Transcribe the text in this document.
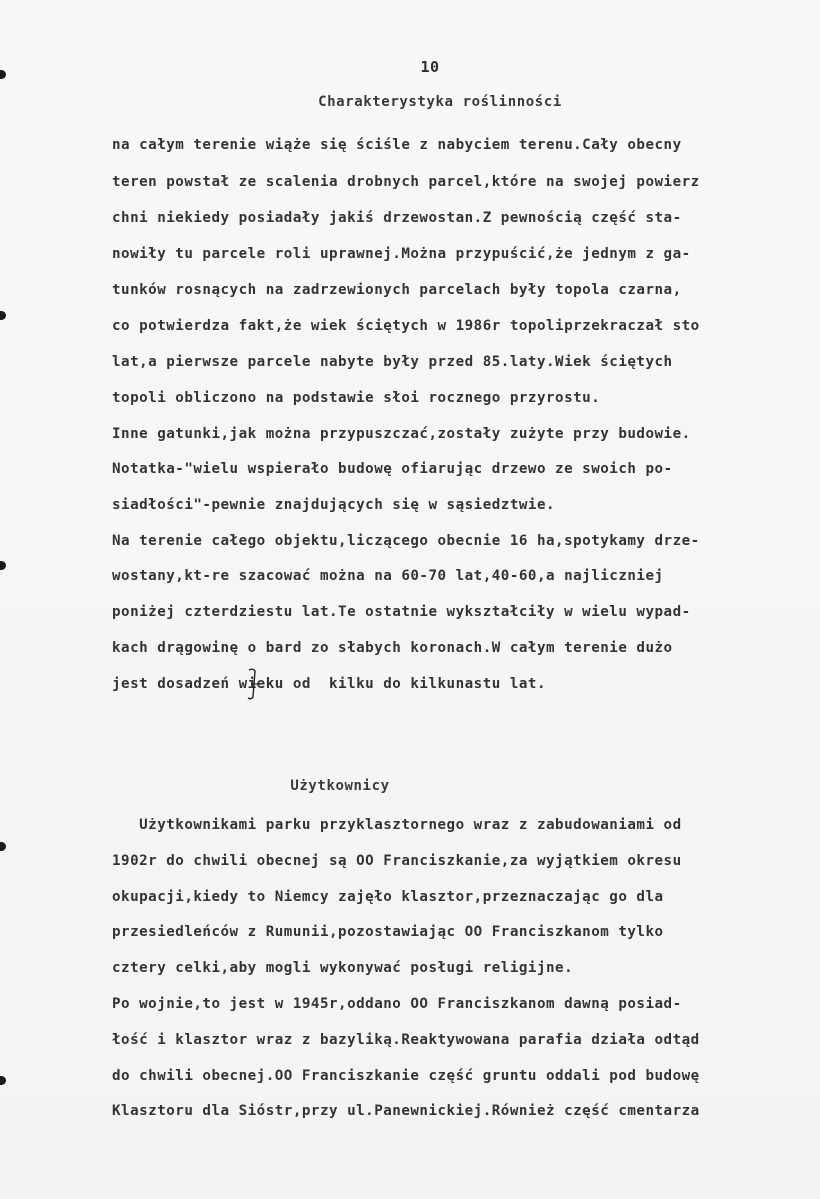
10
Charakterystyka roślinności
na całym terenie wiąże się ściśle z nabyciem terenu.Cały obecny
teren powstał ze scalenia drobnych parcel,które na swojej powierz
chni niekiedy posiadały jakiś drzewostan.Z pewnością część sta-
nowiły tu parcele roli uprawnej.Można przypuścić,że jednym z ga-
tunków rosnących na zadrzewionych parcelach były topola czarna,
co potwierdza fakt,że wiek ściętych w 1986r topoliprzekraczał sto
lat,a pierwsze parcele nabyte były przed 85.laty.Wiek ściętych
topoli obliczono na podstawie słoi rocznego przyrostu.
Inne gatunki,jak można przypuszczać,zostały zużyte przy budowie.
Notatka-"wielu wspierało budowę ofiarując drzewo ze swoich po-
siadłości"-pewnie znajdujących się w sąsiedztwie.
Na terenie całego objektu,liczącego obecnie 16 ha,spotykamy drze-
wostany,kt-re szacować można na 60-70 lat,40-60,a najliczniej
poniżej czterdziestu lat.Te ostatnie wykształciły w wielu wypad-
kach drągowinę o bard zo słabych koronach.W całym terenie dużo
jest dosadzeń wieku od  kilku do kilkunastu lat.
Użytkownicy
Użytkownikami parku przyklasztornego wraz z zabudowaniami od
1902r do chwili obecnej są OO Franciszkanie,za wyjątkiem okresu
okupacji,kiedy to Niemcy zajęło klasztor,przeznaczając go dla
przesiedleńców z Rumunii,pozostawiając OO Franciszkanom tylko
cztery celki,aby mogli wykonywać posługi religijne.
Po wojnie,to jest w 1945r,oddano OO Franciszkanom dawną posiad-
łość i klasztor wraz z bazyliką.Reaktywowana parafia działa odtąd
do chwili obecnej.OO Franciszkanie część gruntu oddali pod budowę
Klasztoru dla Sióstr,przy ul.Panewnickiej.Również część cmentarza
